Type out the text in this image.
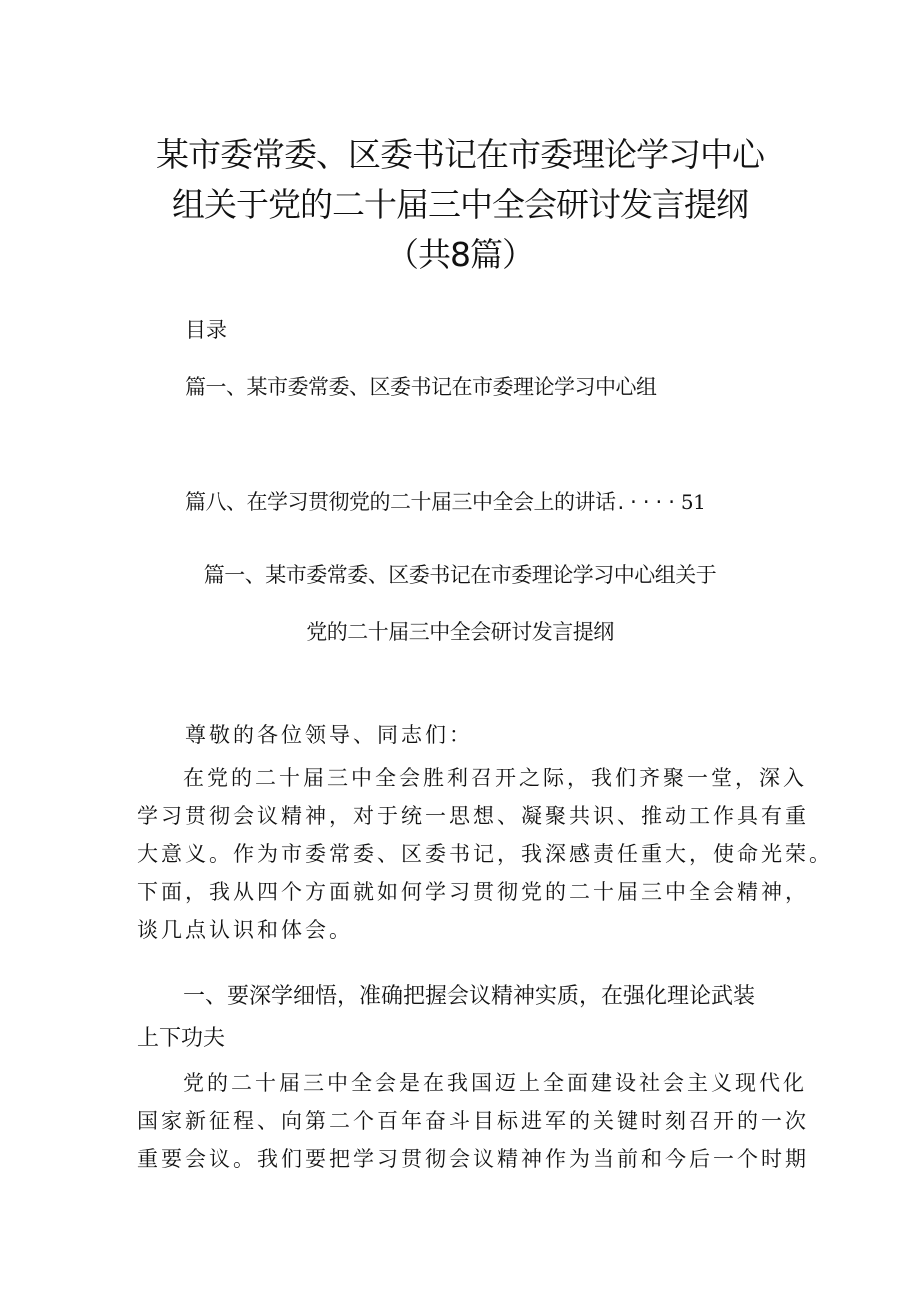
某市委常委、区委书记在市委理论学习中心
组关于党的二十届三中全会研讨发言提纲
（共8篇）
目录
篇一、某市委常委、区委书记在市委理论学习中心组
篇八、在学习贯彻党的二十届三中全会上的讲话.····51
篇一、某市委常委、区委书记在市委理论学习中心组关于
党的二十届三中全会研讨发言提纲
尊敬的各位领导、同志们：
在党的二十届三中全会胜利召开之际，我们齐聚一堂，深入
学习贯彻会议精神，对于统一思想、凝聚共识、推动工作具有重
大意义。作为市委常委、区委书记，我深感责任重大，使命光荣。
下面，我从四个方面就如何学习贯彻党的二十届三中全会精神，
谈几点认识和体会。
一、要深学细悟，准确把握会议精神实质，在强化理论武装
上下功夫
党的二十届三中全会是在我国迈上全面建设社会主义现代化
国家新征程、向第二个百年奋斗目标进军的关键时刻召开的一次
重要会议。我们要把学习贯彻会议精神作为当前和今后一个时期
